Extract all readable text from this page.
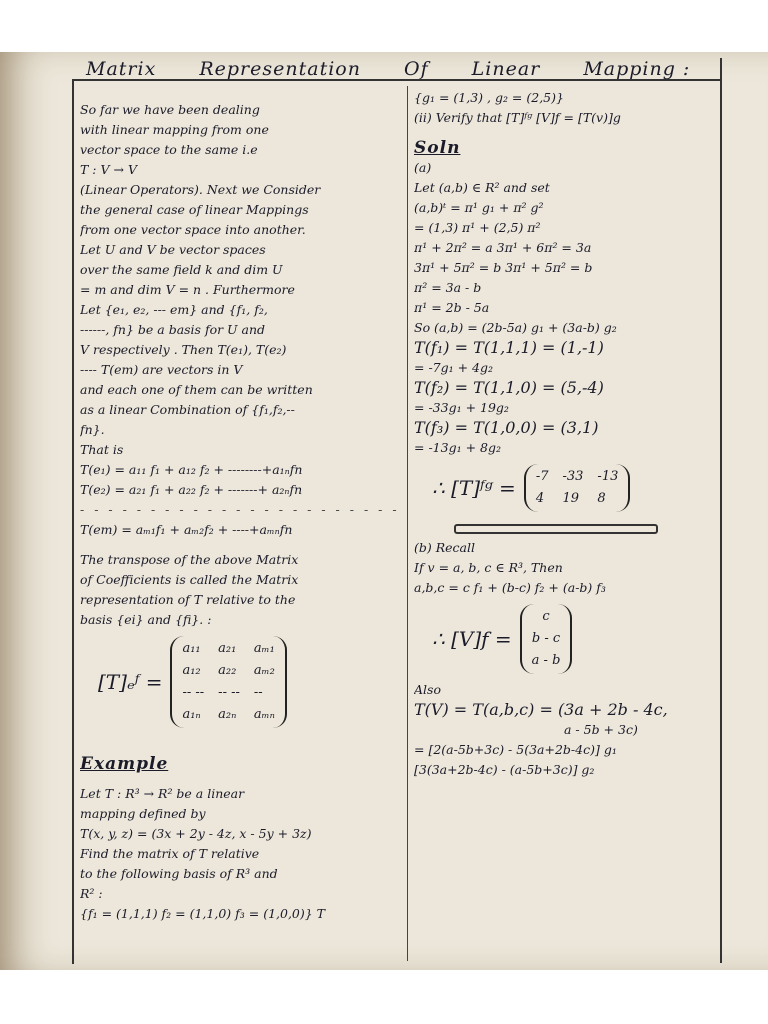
Matrix Representation Of Linear Mapping :
So far we have been dealing
with linear mapping from one
vector space to the same i.e
T : V → V
(Linear Operators). Next we Consider
the general case of linear Mappings
from one vector space into another.
Let U and V be vector spaces
over the same field k and dim U
= m and dim V = n . Furthermore
Let {e₁, e₂, --- em} and {f₁, f₂,
------, fn} be a basis for U and
V respectively . Then T(e₁), T(e₂)
---- T(em) are vectors in V
and each one of them can be written
as a linear Combination of {f₁,f₂,--
fn}.
That is
T(e₁) = a₁₁ f₁ + a₁₂ f₂ + --------+a₁ₙfn
T(e₂) = a₂₁ f₁ + a₂₂ f₂ + -------+ a₂ₙfn
- - - - - - - - - - - - - - - - - - - - - - -
T(em) = aₘ₁f₁ + aₘ₂f₂ + ----+aₘₙfn
The transpose of the above Matrix
of Coefficients is called the Matrix
representation of T relative to the
basis {ei} and {fi}. :
[T]ₑᶠ =
a₁₁ a₂₁ aₘ₁
a₁₂ a₂₂ aₘ₂
-- -- -- -- --
a₁ₙ a₂ₙ aₘₙ
Example
Let T : R³ → R² be a linear
mapping defined by
T(x, y, z) = (3x + 2y - 4z, x - 5y + 3z)
Find the matrix of T relative
to the following basis of R³ and
R² :
{f₁ = (1,1,1) f₂ = (1,1,0) f₃ = (1,0,0)} T
{g₁ = (1,3) , g₂ = (2,5)}
(ii) Verify that [T]ᶠᵍ [V]f = [T(v)]g
Soln
(a)
Let (a,b) ∈ R² and set
(a,b)ᵗ = π¹ g₁ + π² g²
= (1,3) π¹ + (2,5) π²
π¹ + 2π² = a 3π¹ + 6π² = 3a
3π¹ + 5π² = b 3π¹ + 5π² = b
π² = 3a - b
π¹ = 2b - 5a
So (a,b) = (2b-5a) g₁ + (3a-b) g₂
T(f₁) = T(1,1,1) = (1,-1)
= -7g₁ + 4g₂
T(f₂) = T(1,1,0) = (5,-4)
= -33g₁ + 19g₂
T(f₃) = T(1,0,0) = (3,1)
= -13g₁ + 8g₂
∴ [T]ᶠᵍ = -7 -33 -13
4	19	8
(b) Recall
If v = a, b, c ∈ R³, Then
a,b,c = c f₁ + (b-c) f₂ + (a-b) f₃
∴ [V]f =
c
b - c
a - b
Also
T(V) = T(a,b,c) = (3a + 2b - 4c,
a - 5b + 3c)
= [2(a-5b+3c) - 5(3a+2b-4c)] g₁
[3(3a+2b-4c) - (a-5b+3c)] g₂
